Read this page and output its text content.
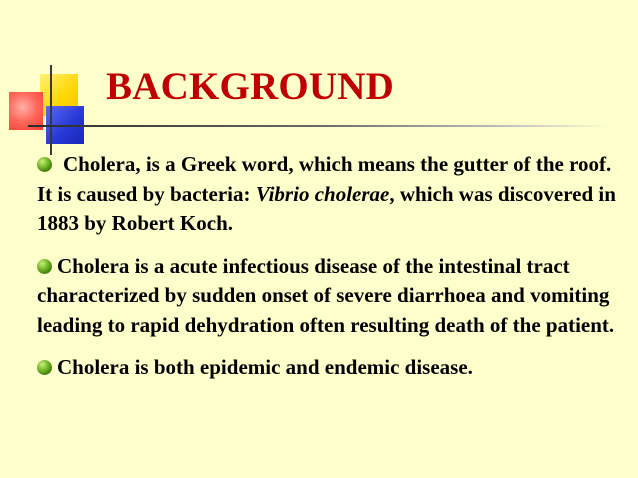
BACKGROUND

Cholera, is a Greek word, which means the gutter of the roof. It is caused by bacteria: Vibrio cholerae, which was discovered in 1883 by Robert Koch.

Cholera is a acute infectious disease of the intestinal tract characterized by sudden onset of severe diarrhoea and vomiting leading to rapid dehydration often resulting death of the patient.

Cholera is both epidemic and endemic disease.
